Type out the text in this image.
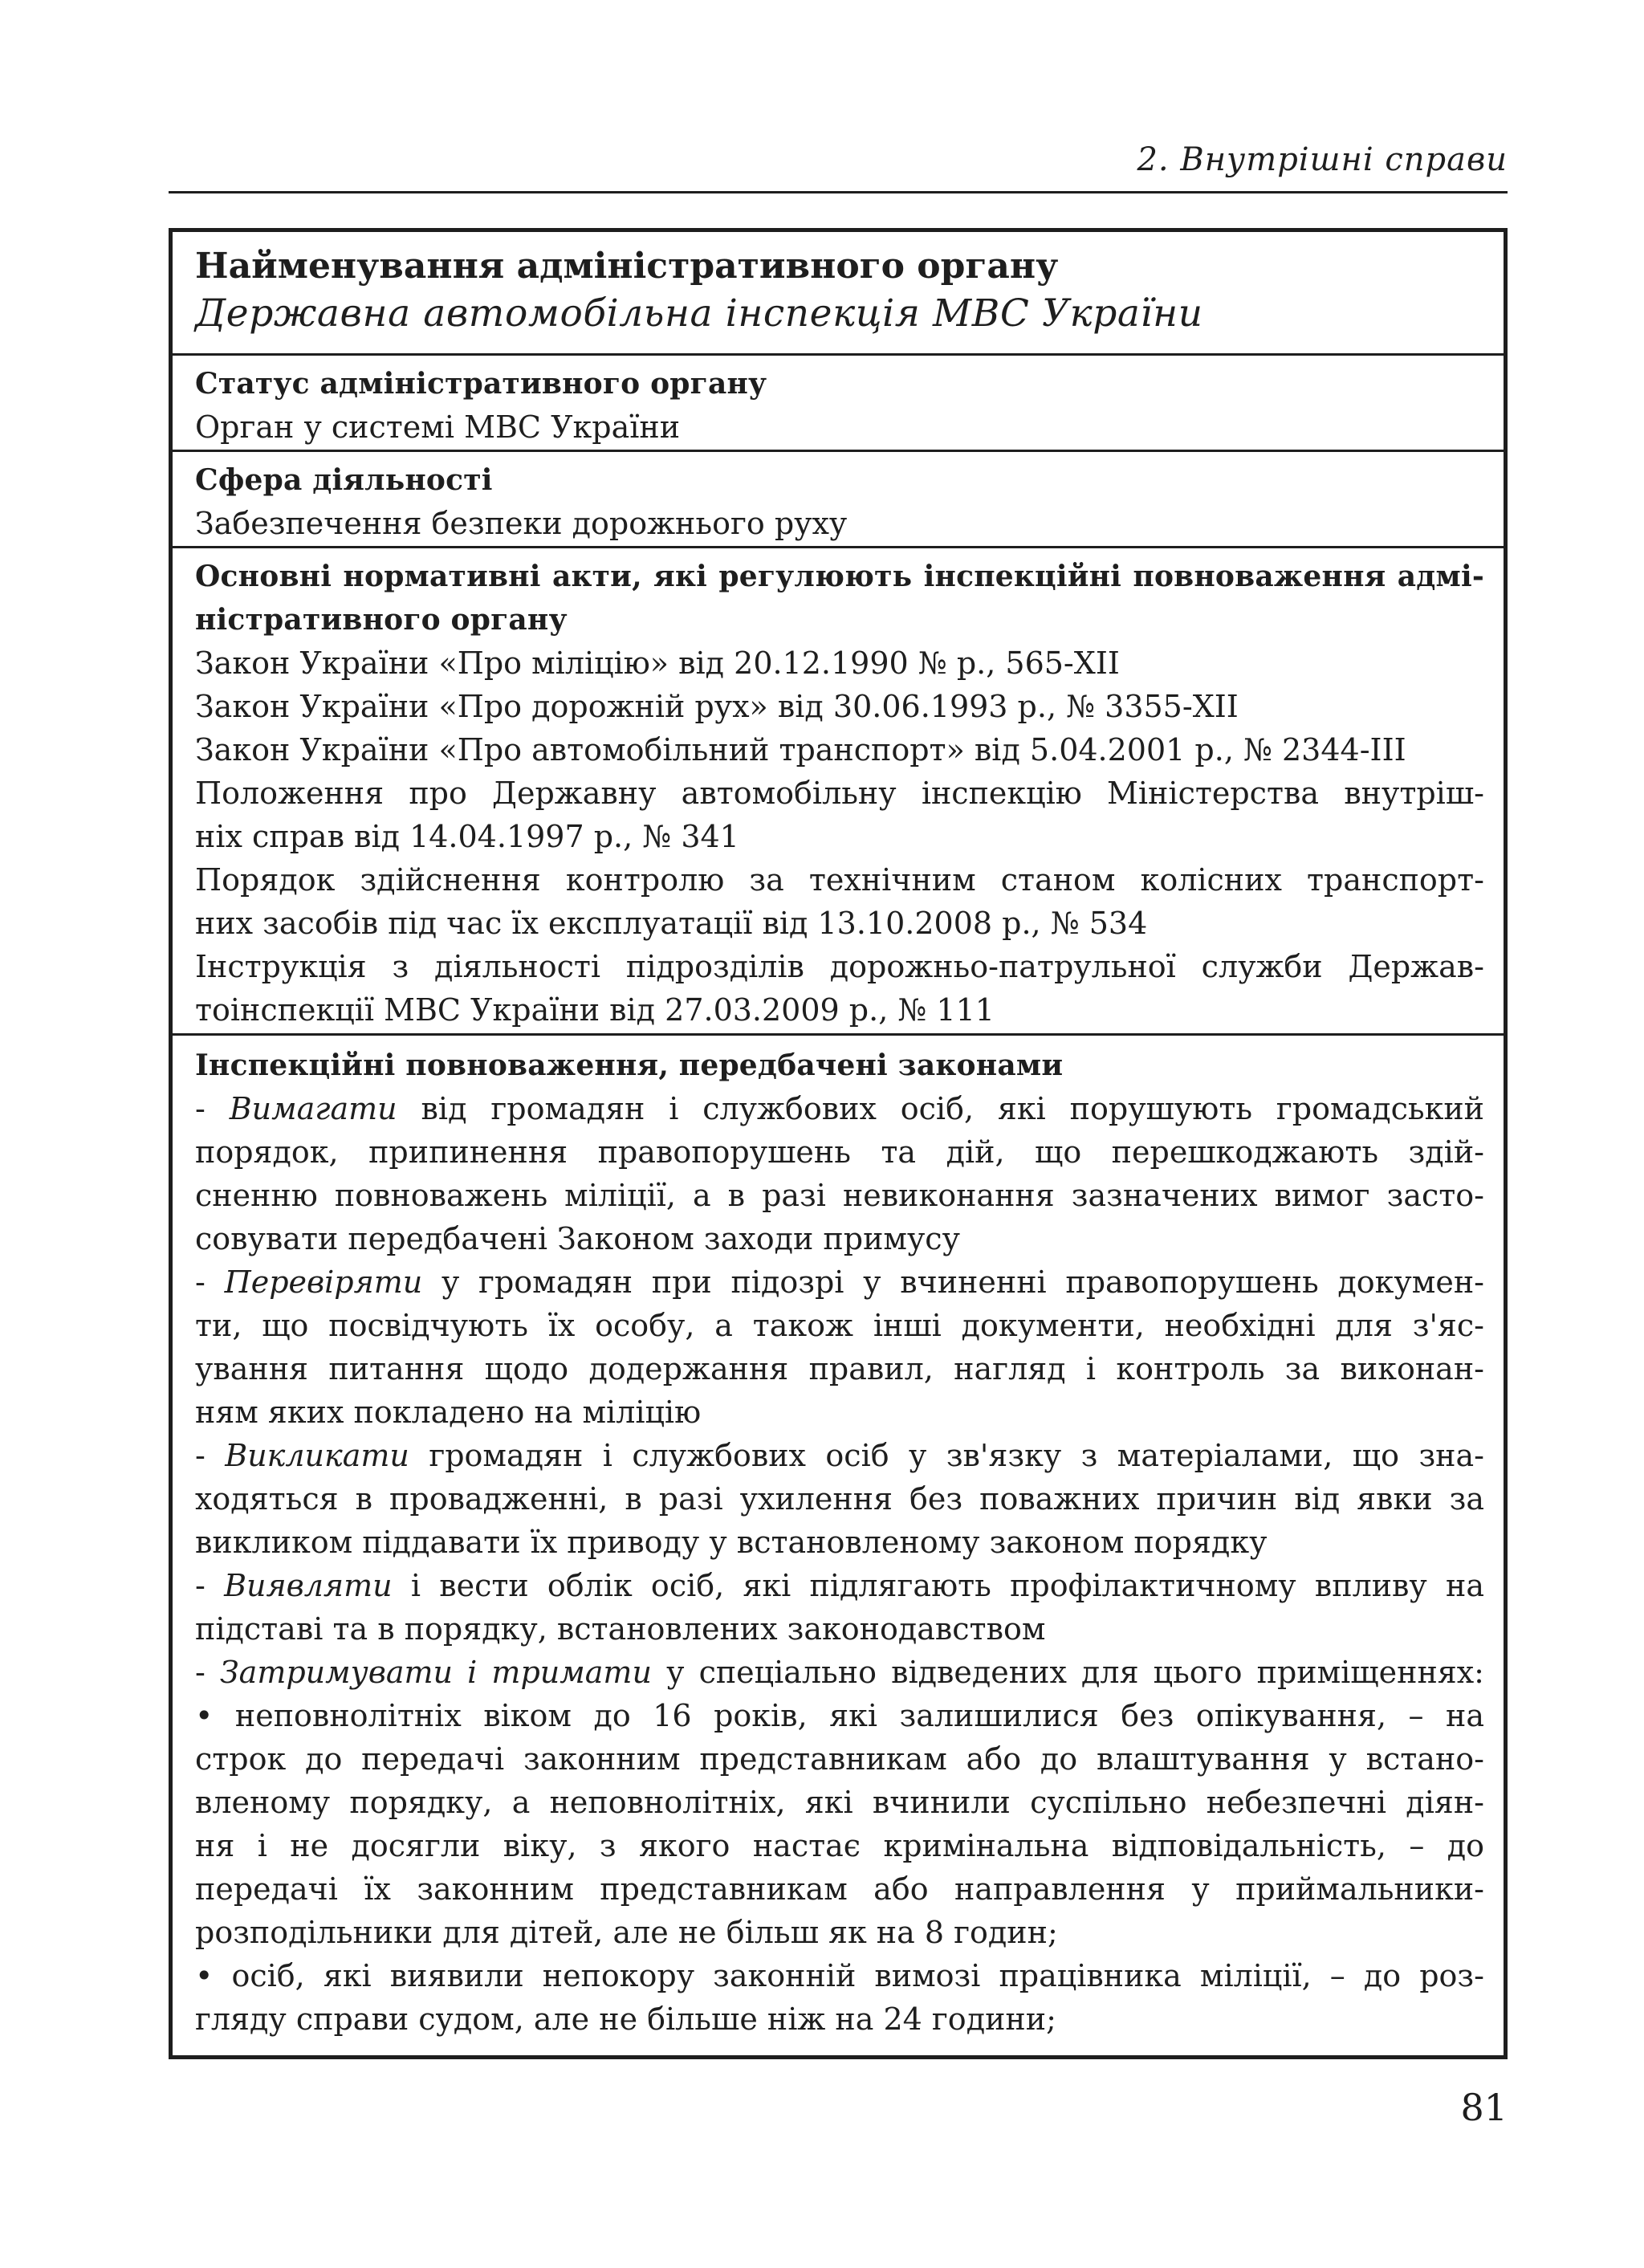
2. Внутрішні справи
Найменування адміністративного органу
Державна автомобільна інспекція МВС України
Статус адміністративного органу
Орган у системі МВС України
Сфера діяльності
Забезпечення безпеки дорожнього руху
Основні нормативні акти, які регулюють інспекційні повноваження адмі-
ністративного органу
Закон України «Про міліцію» від 20.12.1990 № р., 565-XII
Закон України «Про дорожній рух» від 30.06.1993 р., № 3355-XII
Закон України «Про автомобільний транспорт» від 5.04.2001 р., № 2344-III
Положення про Державну автомобільну інспекцію Міністерства внутріш-
ніх справ від 14.04.1997 р., № 341
Порядок здійснення контролю за технічним станом колісних транспорт-
них засобів під час їх експлуатації від 13.10.2008 р., № 534
Інструкція з діяльності підрозділів дорожньо-патрульної служби Держав-
тоінспекції МВС України від 27.03.2009 р., № 111
Інспекційні повноваження, передбачені законами
- Вимагати від громадян і службових осіб, які порушують громадський
порядок, припинення правопорушень та дій, що перешкоджають здій-
сненню повноважень міліції, а в разі невиконання зазначених вимог засто-
совувати передбачені Законом заходи примусу
- Перевіряти у громадян при підозрі у вчиненні правопорушень докумен-
ти, що посвідчують їх особу, а також інші документи, необхідні для з'яс-
ування питання щодо додержання правил, нагляд і контроль за виконан-
ням яких покладено на міліцію
- Викликати громадян і службових осіб у зв'язку з матеріалами, що зна-
ходяться в провадженні, в разі ухилення без поважних причин від явки за
викликом піддавати їх приводу у встановленому законом порядку
- Виявляти і вести облік осіб, які підлягають профілактичному впливу на
підставі та в порядку, встановлених законодавством
- Затримувати і тримати у спеціально відведених для цього приміщеннях:
• неповнолітніх віком до 16 років, які залишилися без опікування, – на
строк до передачі законним представникам або до влаштування у встано-
вленому порядку, а неповнолітніх, які вчинили суспільно небезпечні діян-
ня і не досягли віку, з якого настає кримінальна відповідальність, – до
передачі їх законним представникам або направлення у приймальники-
розподільники для дітей, але не більш як на 8 годин;
• осіб, які виявили непокору законній вимозі працівника міліції, – до роз-
гляду справи судом, але не більше ніж на 24 години;
81
